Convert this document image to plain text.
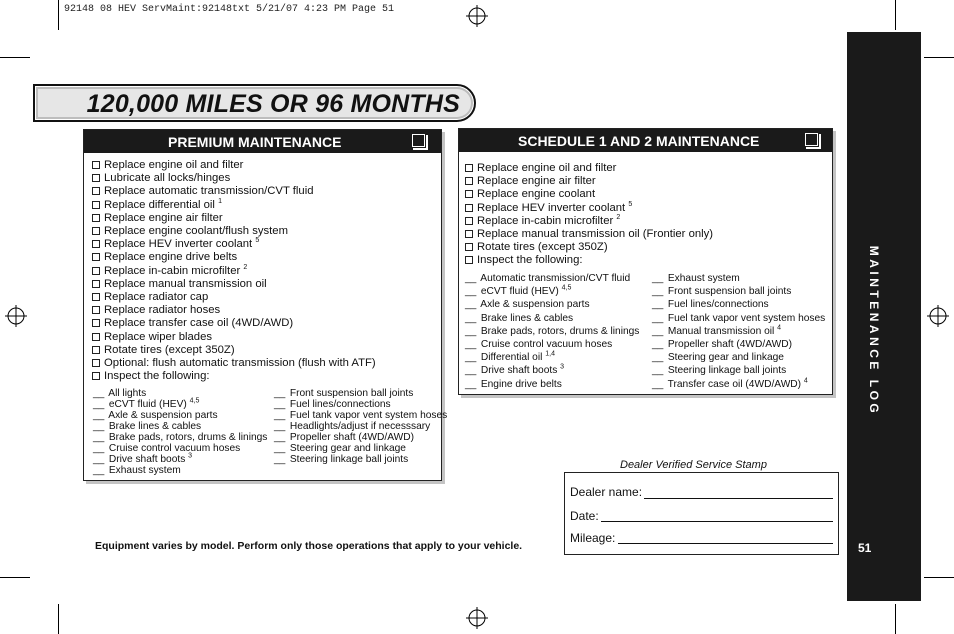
92148 08 HEV ServMaint:92148txt 5/21/07 4:23 PM Page 51
120,000 MILES OR 96 MONTHS
PREMIUM MAINTENANCE
Replace engine oil and filter
Lubricate all locks/hinges
Replace automatic transmission/CVT fluid
Replace differential oil $^1$
Replace engine air filter
Replace engine coolant/flush system
Replace HEV inverter coolant $^5$
Replace engine drive belts
Replace in-cabin microfilter $^2$
Replace manual transmission oil
Replace radiator cap
Replace radiator hoses
Replace transfer case oil (4WD/AWD)
Replace wiper blades
Rotate tires (except 350Z)
Optional: flush automatic transmission (flush with ATF)
Inspect the following:
__ All lights
__ eCVT fluid (HEV) $^{4,5}$
__ Axle & suspension parts
__ Brake lines & cables
__ Brake pads, rotors, drums & linings
__ Cruise control vacuum hoses
__ Drive shaft boots $^3$
__ Exhaust system
__ Front suspension ball joints
__ Fuel lines/connections
__ Fuel tank vapor vent system hoses
__ Headlights/adjust if necesssary
__ Propeller shaft (4WD/AWD)
__ Steering gear and linkage
__ Steering linkage ball joints
SCHEDULE 1 AND 2 MAINTENANCE
Replace engine oil and filter
Replace engine air filter
Replace engine coolant
Replace HEV inverter coolant $^5$
Replace in-cabin microfilter $^2$
Replace manual transmission oil (Frontier only)
Rotate tires (except 350Z)
Inspect the following:
__ Automatic transmission/CVT fluid
__ eCVT fluid (HEV) $^{4,5}$
__ Axle & suspension parts
__ Brake lines & cables
__ Brake pads, rotors, drums & linings
__ Cruise control vacuum hoses
__ Differential oil $^{1,4}$
__ Drive shaft boots $^3$
__ Engine drive belts
__ Exhaust system
__ Front suspension ball joints
__ Fuel lines/connections
__ Fuel tank vapor vent system hoses
__ Manual transmission oil $^4$
__ Propeller shaft (4WD/AWD)
__ Steering gear and linkage
__ Steering linkage ball joints
__ Transfer case oil (4WD/AWD) $^4$
Dealer Verified Service Stamp
Dealer name:
Date:
Mileage:
Equipment varies by model. Perform only those operations that apply to your vehicle.
MAINTENANCE LOG
51
